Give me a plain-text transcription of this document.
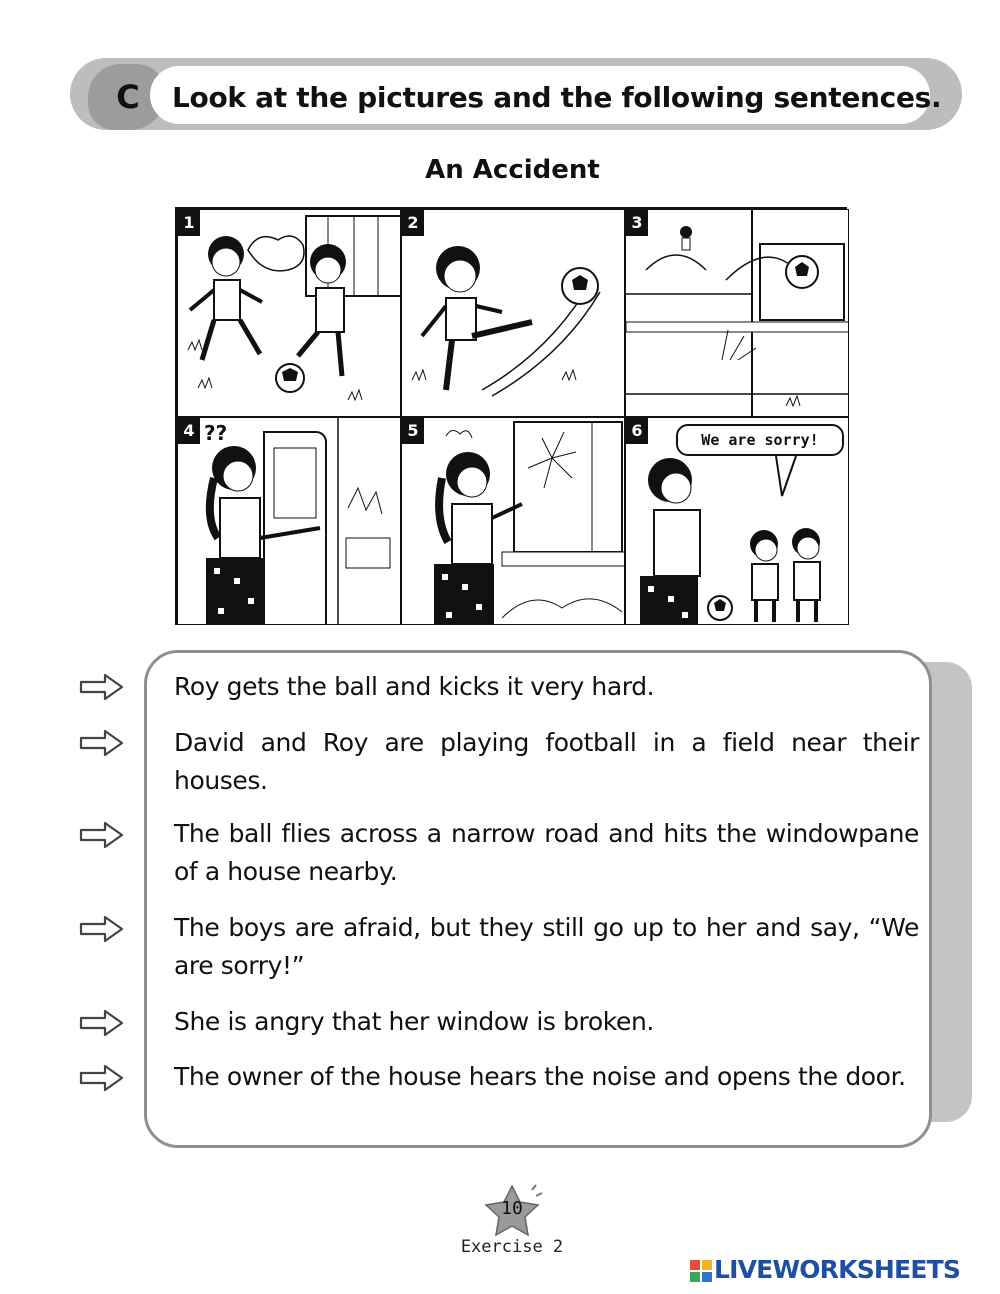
C Look at the pictures and the following sentences.
An Accident
1	2	3
4 ??	5	6	We are sorry!
Roy gets the ball and kicks it very hard.
David and Roy are playing football in a field near their houses.
The ball flies across a narrow road and hits the windowpane of a house nearby.
The boys are afraid, but they still go up to her and say, “We are sorry!”
She is angry that her window is broken.
The owner of the house hears the noise and opens the door.
10
Exercise 2
LIVEWORKSHEETS
